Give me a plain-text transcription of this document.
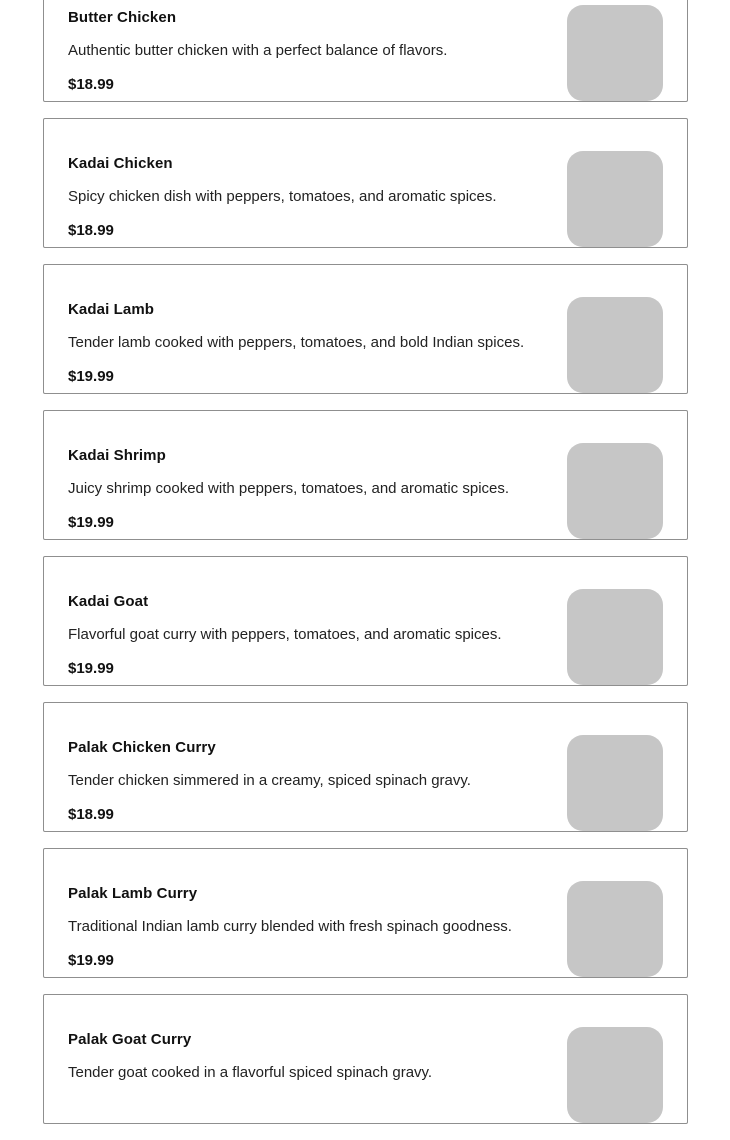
Butter Chicken
Authentic butter chicken with a perfect balance of flavors.
$18.99
Kadai Chicken
Spicy chicken dish with peppers, tomatoes, and aromatic spices.
$18.99
Kadai Lamb
Tender lamb cooked with peppers, tomatoes, and bold Indian spices.
$19.99
Kadai Shrimp
Juicy shrimp cooked with peppers, tomatoes, and aromatic spices.
$19.99
Kadai Goat
Flavorful goat curry with peppers, tomatoes, and aromatic spices.
$19.99
Palak Chicken Curry
Tender chicken simmered in a creamy, spiced spinach gravy.
$18.99
Palak Lamb Curry
Traditional Indian lamb curry blended with fresh spinach goodness.
$19.99
Palak Goat Curry
Tender goat cooked in a flavorful spiced spinach gravy.
